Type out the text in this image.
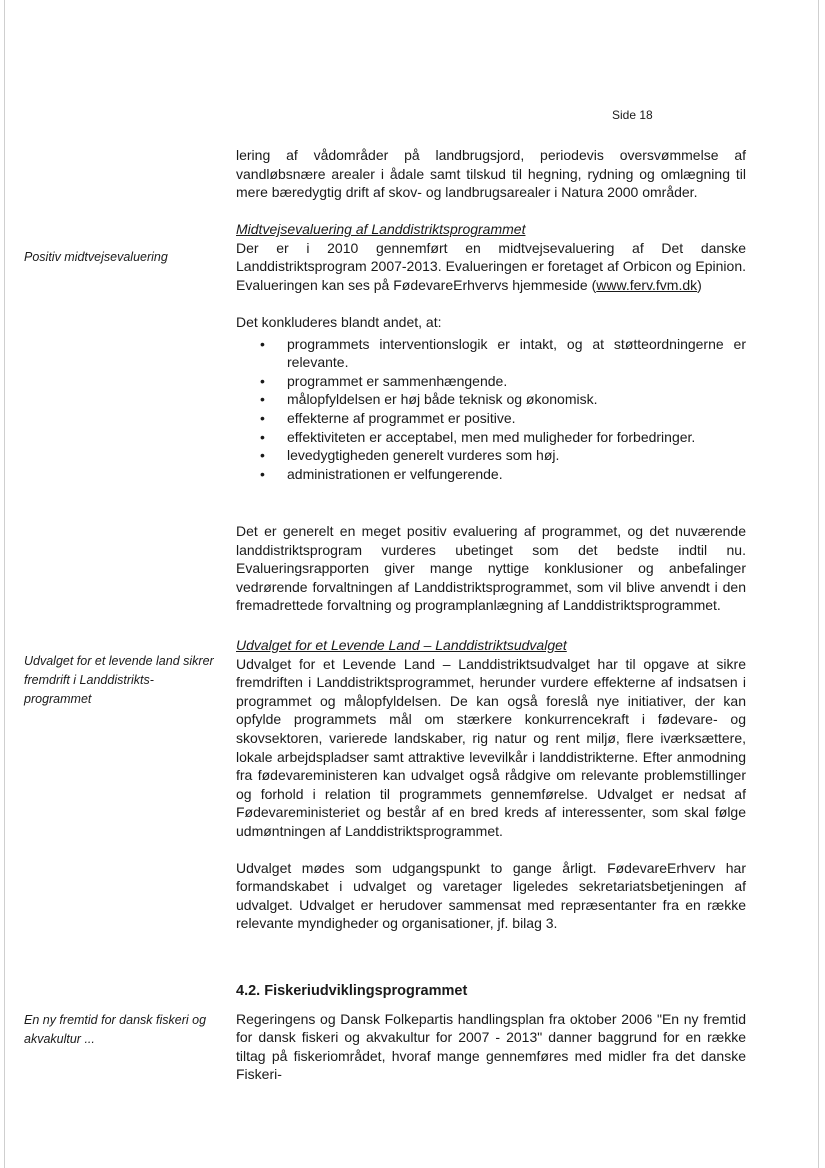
Side 18

lering af vådområder på landbrugsjord, periodevis oversvømmelse af vandløbsnære arealer i ådale samt tilskud til hegning, rydning og omlægning til mere bæredygtig drift af skov- og landbrugsarealer i Natura 2000 områder.

Positiv midtvejsevaluering

Midtvejsevaluering af Landdistriktsprogrammet

Der er i 2010 gennemført en midtvejsevaluering af Det danske Landdistriktsprogram 2007-2013. Evalueringen er foretaget af Orbicon og Epinion. Evalueringen kan ses på FødevareErhvervs hjemmeside (www.ferv.fvm.dk)

Det konkluderes blandt andet, at:

• programmets interventionslogik er intakt, og at støtteordningerne er relevante.
• programmet er sammenhængende.
• målopfyldelsen er høj både teknisk og økonomisk.
• effekterne af programmet er positive.
• effektiviteten er acceptabel, men med muligheder for forbedringer.
• levedygtigheden generelt vurderes som høj.
• administrationen er velfungerende.

Det er generelt en meget positiv evaluering af programmet, og det nuværende landdistriktsprogram vurderes ubetinget som det bedste indtil nu. Evalueringsrapporten giver mange nyttige konklusioner og anbefalinger vedrørende forvaltningen af Landdistriktsprogrammet, som vil blive anvendt i den fremadrettede forvaltning og programplanlægning af Landdistriktsprogrammet.

Udvalget for et levende land sikrer fremdrift i Landdistrikts-programmet

Udvalget for et Levende Land – Landdistriktsudvalget

Udvalget for et Levende Land – Landdistriktsudvalget har til opgave at sikre fremdriften i Landdistriktsprogrammet, herunder vurdere effekterne af indsatsen i programmet og målopfyldelsen. De kan også foreslå nye initiativer, der kan opfylde programmets mål om stærkere konkurrencekraft i fødevare- og skovsektoren, varierede landskaber, rig natur og rent miljø, flere iværksættere, lokale arbejdspladser samt attraktive levevilkår i landdistrikterne. Efter anmodning fra fødevareministeren kan udvalget også rådgive om relevante problemstillinger og forhold i relation til programmets gennemførelse. Udvalget er nedsat af Fødevareministeriet og består af en bred kreds af interessenter, som skal følge udmøntningen af Landdistriktsprogrammet.

Udvalget mødes som udgangspunkt to gange årligt. FødevareErhverv har formandskabet i udvalget og varetager ligeledes sekretariatsbetjeningen af udvalget. Udvalget er herudover sammensat med repræsentanter fra en række relevante myndigheder og organisationer, jf. bilag 3.

4.2. Fiskeriudviklingsprogrammet

Regeringens og Dansk Folkepartis handlingsplan fra oktober 2006 "En ny fremtid for dansk fiskeri og akvakultur for 2007 - 2013" danner baggrund for en række tiltag på fiskeriområdet, hvoraf mange gennemføres med midler fra det danske Fiskeri-

En ny fremtid for dansk fiskeri og akvakultur ...
